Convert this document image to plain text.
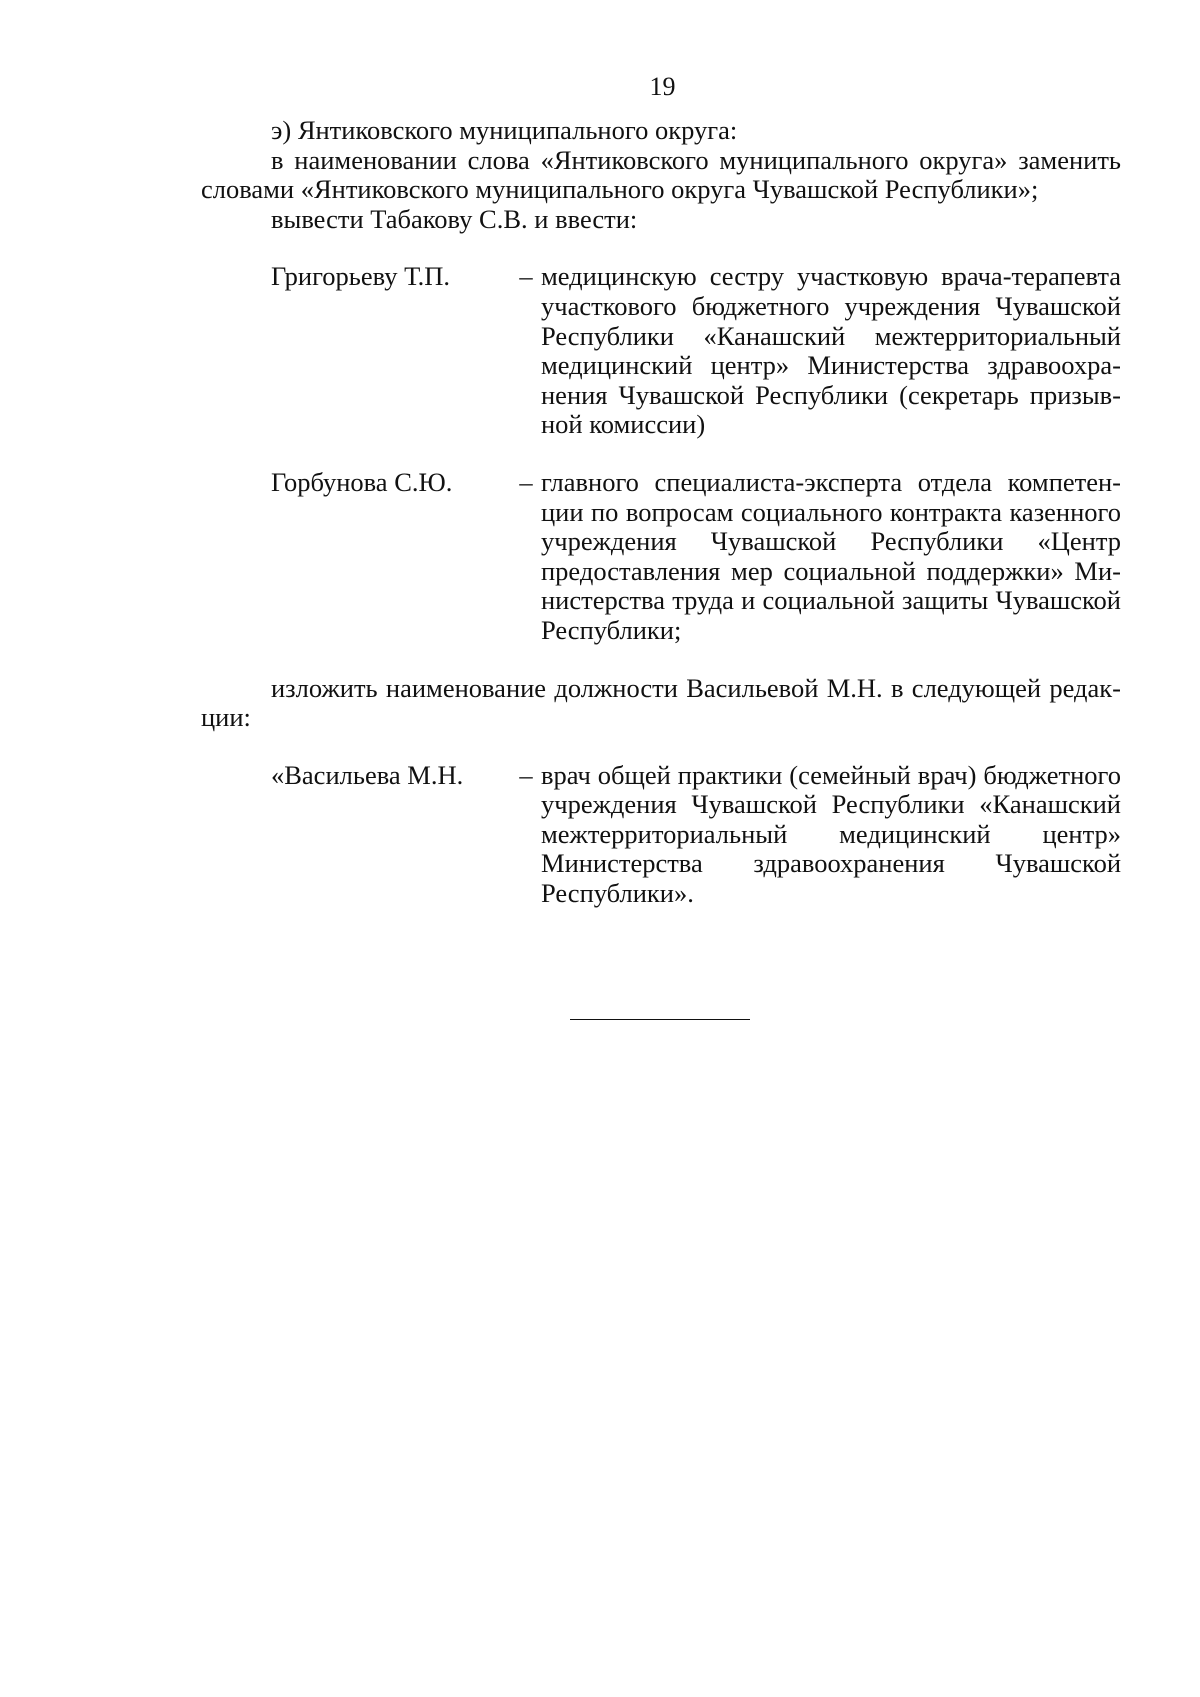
19

э) Янтиковского муниципального округа:

в наименовании слова «Янтиковского муниципального округа» заменить словами «Янтиковского муниципального округа Чувашской Республики»;

вывести Табакову С.В. и ввести:

Григорьеву Т.П.	– медицинскую сестру участковую врача-терапевта участкового бюджетного учреждения Чувашской Республики «Канашский межтерриториальный медицинский центр» Министерства здравоохранения Чувашской Республики (секретарь призывной комиссии)
Горбунова С.Ю.	– главного специалиста-эксперта отдела компетенции по вопросам социального контракта казенного учреждения Чувашской Республики «Центр предоставления мер социальной поддержки» Министерства труда и социальной защиты Чувашской Республики;

изложить наименование должности Васильевой М.Н. в следующей редакции:

«Васильева М.Н.	– врач общей практики (семейный врач) бюджетного учреждения Чувашской Республики «Канашский межтерриториальный медицинский центр» Министерства здравоохранения Чувашской Республики».
